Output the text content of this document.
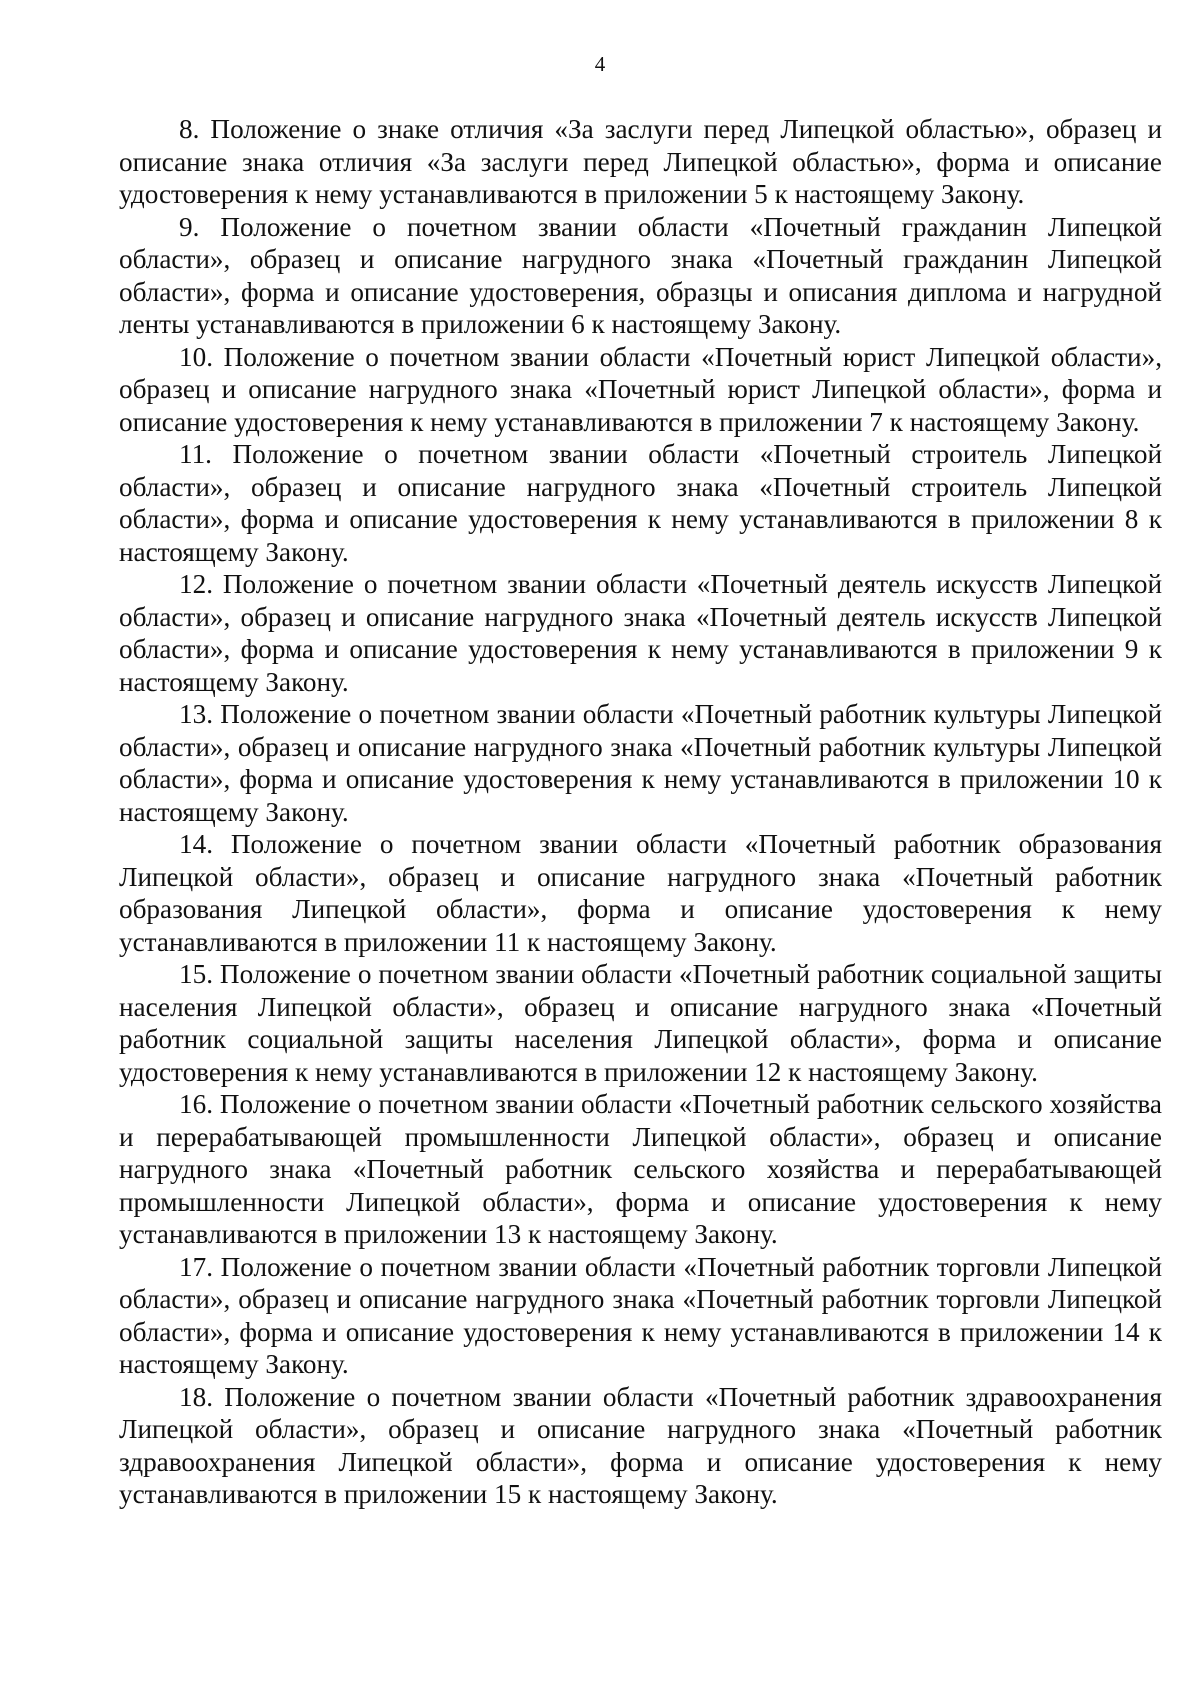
4

8. Положение о знаке отличия «За заслуги перед Липецкой областью», образец и описание знака отличия «За заслуги перед Липецкой областью», форма и описание удостоверения к нему устанавливаются в приложении 5 к настоящему Закону.

9. Положение о почетном звании области «Почетный гражданин Липецкой области», образец и описание нагрудного знака «Почетный гражданин Липецкой области», форма и описание удостоверения, образцы и описания диплома и нагрудной ленты устанавливаются в приложении 6 к настоящему Закону.

10. Положение о почетном звании области «Почетный юрист Липецкой области», образец и описание нагрудного знака «Почетный юрист Липецкой области», форма и описание удостоверения к нему устанавливаются в приложении 7 к настоящему Закону.

11. Положение о почетном звании области «Почетный строитель Липецкой области», образец и описание нагрудного знака «Почетный строитель Липецкой области», форма и описание удостоверения к нему устанавливаются в приложении 8 к настоящему Закону.

12. Положение о почетном звании области «Почетный деятель искусств Липецкой области», образец и описание нагрудного знака «Почетный деятель искусств Липецкой области», форма и описание удостоверения к нему устанавливаются в приложении 9 к настоящему Закону.

13. Положение о почетном звании области «Почетный работник культуры Липецкой области», образец и описание нагрудного знака «Почетный работник культуры Липецкой области», форма и описание удостоверения к нему устанавливаются в приложении 10 к настоящему Закону.

14. Положение о почетном звании области «Почетный работник образования Липецкой области», образец и описание нагрудного знака «Почетный работник образования Липецкой области», форма и описание удостоверения к нему устанавливаются в приложении 11 к настоящему Закону.

15. Положение о почетном звании области «Почетный работник социальной защиты населения Липецкой области», образец и описание нагрудного знака «Почетный работник социальной защиты населения Липецкой области», форма и описание удостоверения к нему устанавливаются в приложении 12 к настоящему Закону.

16. Положение о почетном звании области «Почетный работник сельского хозяйства и перерабатывающей промышленности Липецкой области», образец и описание нагрудного знака «Почетный работник сельского хозяйства и перерабатывающей промышленности Липецкой области», форма и описание удостоверения к нему устанавливаются в приложении 13 к настоящему Закону.

17. Положение о почетном звании области «Почетный работник торговли Липецкой области», образец и описание нагрудного знака «Почетный работник торговли Липецкой области», форма и описание удостоверения к нему устанавливаются в приложении 14 к настоящему Закону.

18. Положение о почетном звании области «Почетный работник здравоохранения Липецкой области», образец и описание нагрудного знака «Почетный работник здравоохранения Липецкой области», форма и описание удостоверения к нему устанавливаются в приложении 15 к настоящему Закону.
